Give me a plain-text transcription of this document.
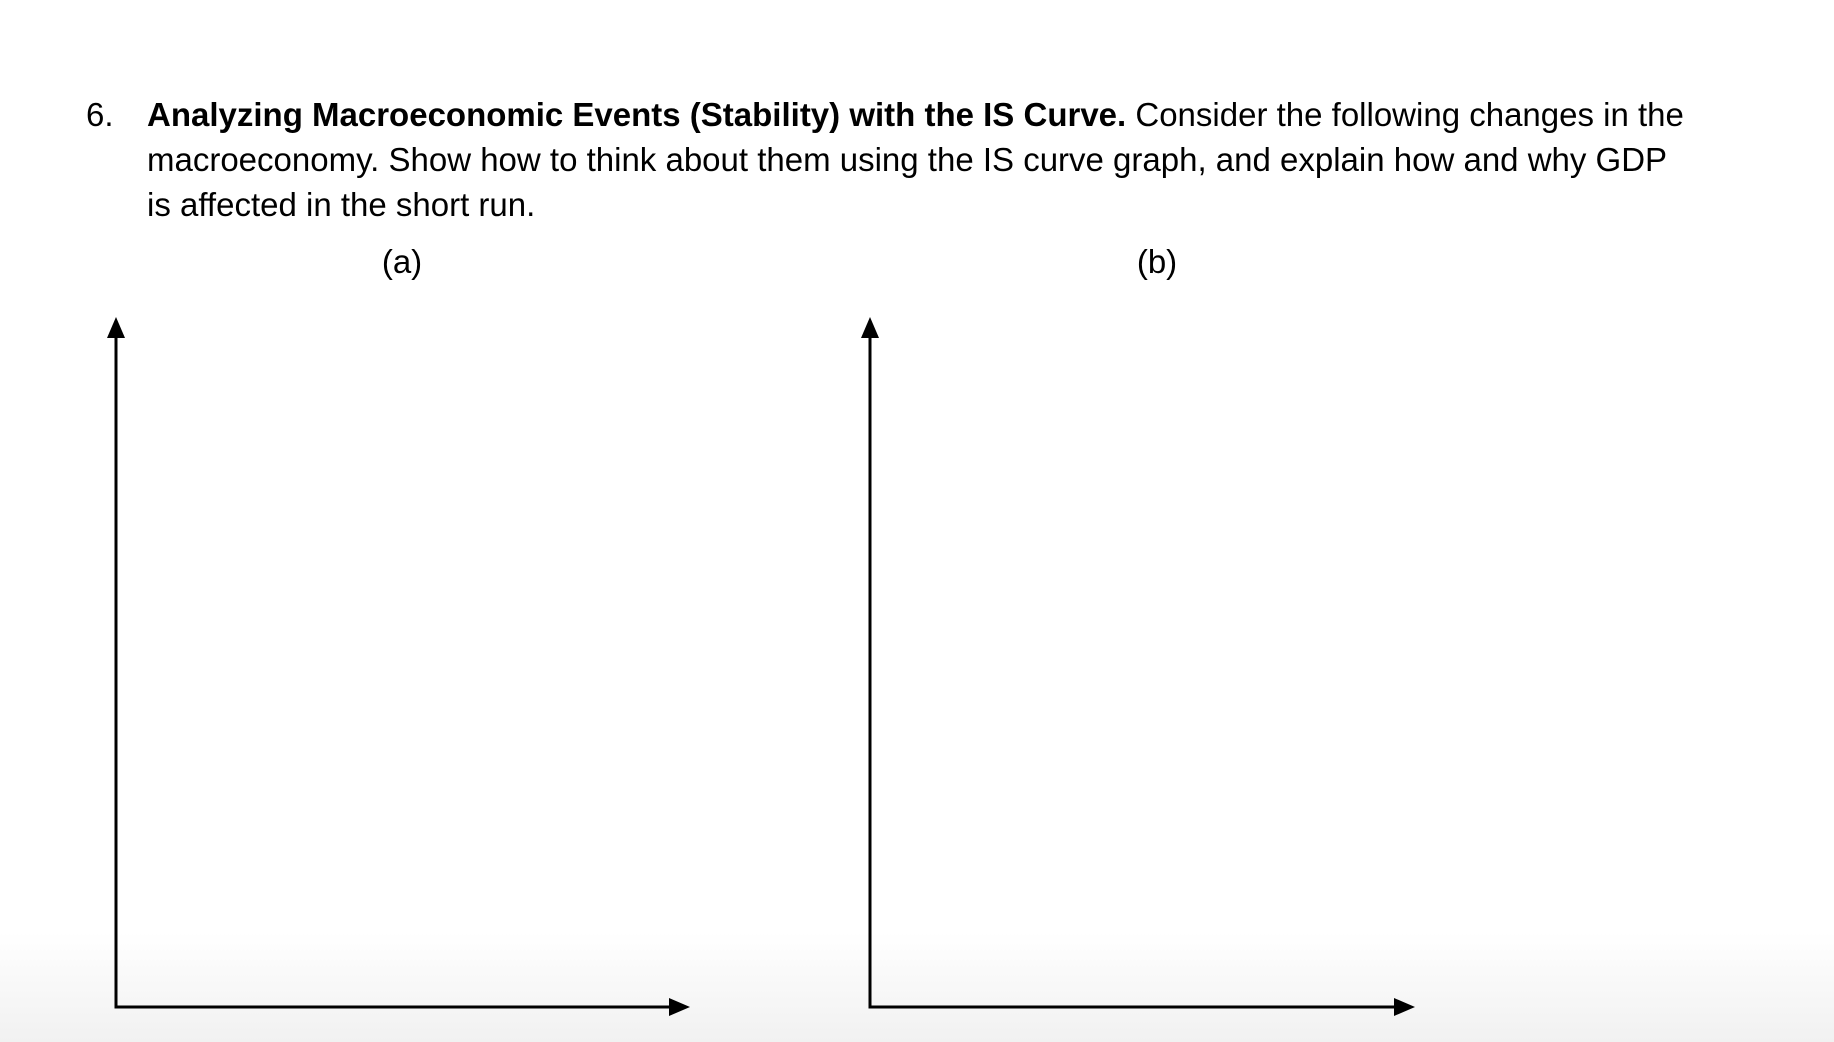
6. Analyzing Macroeconomic Events (Stability) with the IS Curve. Consider the following changes in the macroeconomy. Show how to think about them using the IS curve graph, and explain how and why GDP is affected in the short run.
(a)	(b)
